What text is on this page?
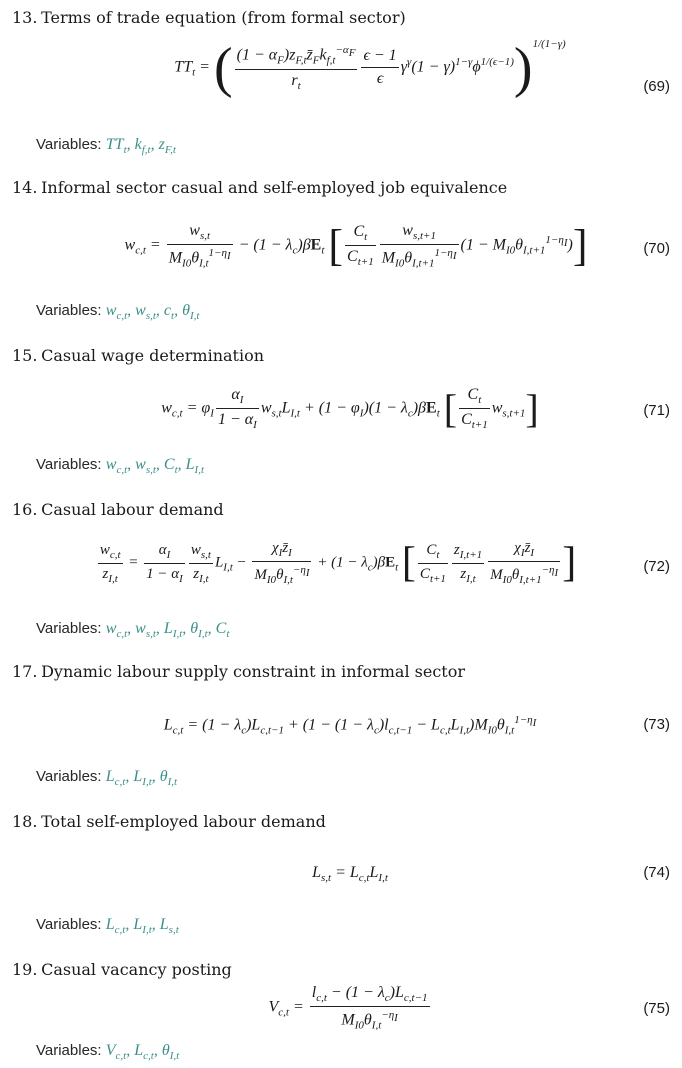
13. Terms of trade equation (from formal sector)
$TT_t$ = ( $\frac{(1 - \alpha_F)z_{F,t}z̄_Fk_{f,t}^{-\alpha_F}}{r_t} \frac{\epsilon - 1}{\epsilon} \gamma^\gamma(1 - \gamma)^{1-\gamma}\phi^{1/(\epsilon-1)})^{1/(1-\gamma)}$
(69)
Variables: $TT_t$, $k_{f,t}$, $z_{F,t}$
14. Informal sector casual and self-employed job equivalence
$w_{c,t} = \frac{w_{s,t}}{M_{I0}\theta_{I,t}^{1-\eta_I}} - (1 - \lambda_c)\beta E_t$ [ $\frac{C_t}{C_{t+1}} \frac{w_{s,t+1}}{M_{I0}\theta_{I,t+1}^{1-\eta_I}} (1 - M_{I0}\theta_{I,t+1}^{1-\eta_I})$]	(70)
Variables: $w_{c,t}$, $w_{s,t}$, $c_t$, $\theta_{I,t}$
15. Casual wage determination
$w_{c,t} = \varphi_I \frac{\alpha_I}{1 - \alpha_I} w_{s,t}L_{I,t} + (1 - \varphi_I)(1 - \lambda_c)\beta E_t$ [ $\frac{C_t}{C_{t+1}} w_{s,t+1}$]	(71)
Variables: $w_{c,t}$, $w_{s,t}$, $C_t$, $L_{I,t}$
16. Casual labour demand
$\frac{w_{c,t}}{z_{I,t}} = \frac{\alpha_I}{1 - \alpha_I} \frac{w_{s,t}}{z_{I,t}} L_{I,t} - \frac{\chi_Iz̄_I}{M_{I0}\theta_{I,t}^{-\eta_I}} + (1 - \lambda_c)\beta E_t$ [ $\frac{C_t}{C_{t+1}} \frac{z_{I,t+1}}{z_{I,t}} \frac{\chi_Iz̄_I}{M_{I0}\theta_{I,t+1}^{-\eta_I}}$ ]	(72)
Variables: $w_{c,t}$, $w_{s,t}$, $L_{I,t}$, $\theta_{I,t}$, $C_t$
17. Dynamic labour supply constraint in informal sector
$L_{c,t} = (1 - \lambda_c)L_{c,t-1} + (1 - (1 - \lambda_c)l_{c,t-1} - L_{c,t}L_{I,t})M_{I0}\theta_{I,t}^{1-\eta_I}$	(73)
Variables: $L_{c,t}$, $L_{I,t}$, $\theta_{I,t}$
18. Total self-employed labour demand
$L_{s,t} = L_{c,t}L_{I,t}$	(74)
Variables: $L_{c,t}$, $L_{I,t}$, $L_{s,t}$
19. Casual vacancy posting
$V_{c,t} = \frac{l_{c,t} - (1 - \lambda_c)L_{c,t-1}}{M_{I0}\theta_{I,t}^{-\eta_I}}$	(75)
Variables: $V_{c,t}$, $L_{c,t}$, $\theta_{I,t}$
